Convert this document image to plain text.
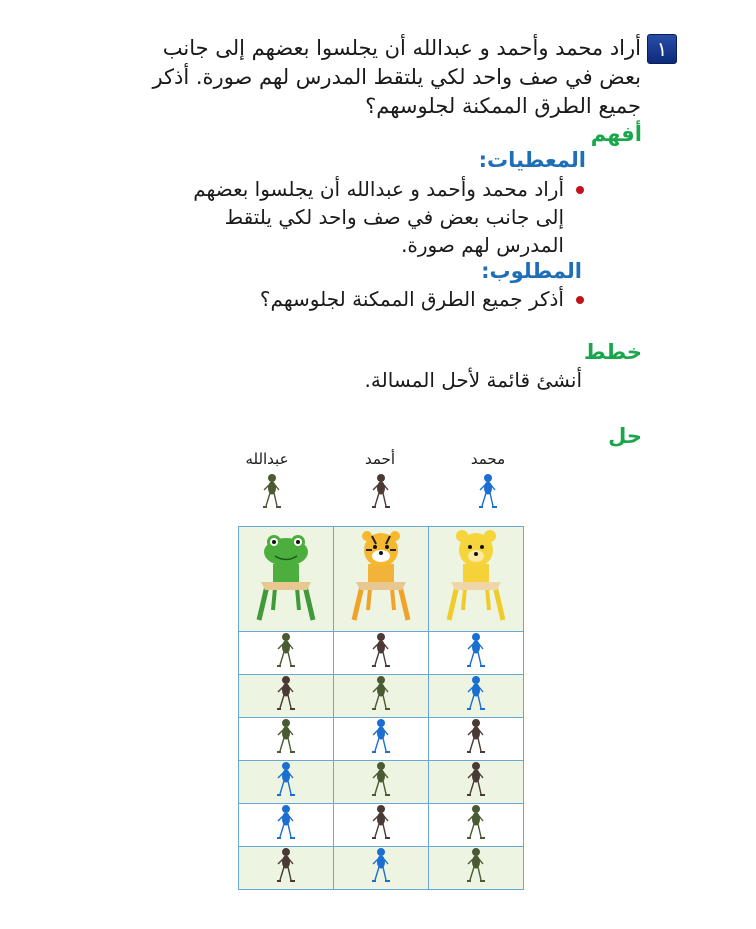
١
أراد محمد وأحمد و عبدالله أن يجلسوا بعضهم إلى جانب بعض في صف واحد لكي يلتقط المدرس لهم صورة. أذكر جميع الطرق الممكنة لجلوسهم؟
أفهم
المعطيات:
أراد محمد وأحمد و عبدالله أن يجلسوا بعضهم
إلى جانب بعض في صف واحد لكي يلتقط
المدرس لهم صورة.
المطلوب:
أذكر جميع الطرق الممكنة لجلوسهم؟
خطط
أنشئ قائمة لأحل المسالة.
حل
عبدالله	أحمد	محمد
